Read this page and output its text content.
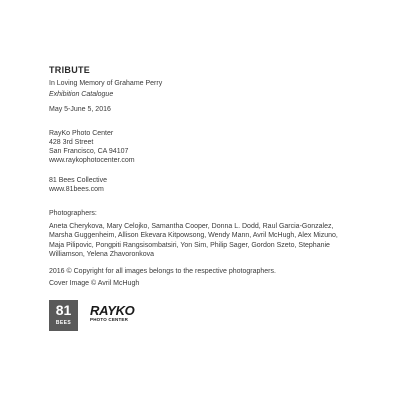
TRIBUTE
In Loving Memory of Grahame Perry
Exhibition Catalogue
May 5-June 5, 2016
RayKo Photo Center
428 3rd Street
San Francisco, CA 94107
www.raykophotocenter.com
81 Bees Collective
www.81bees.com
Photographers:
Aneta Cherykova, Mary Celojko, Samantha Cooper, Donna L. Dodd, Raul Garcia-Gonzalez, Marsha Guggenheim, Allison Ekevara Kitpowsong, Wendy Mann, Avril McHugh, Alex Mizuno, Maja Pilipovic, Pongpiti Rangsisombatsiri, Yon Sim, Philip Sager, Gordon Szeto, Stephanie Williamson, Yelena Zhavoronkova
2016 © Copyright for all images belongs to the respective photographers.
Cover Image © Avril McHugh
81
BEES
RAYKO
PHOTO CENTER
